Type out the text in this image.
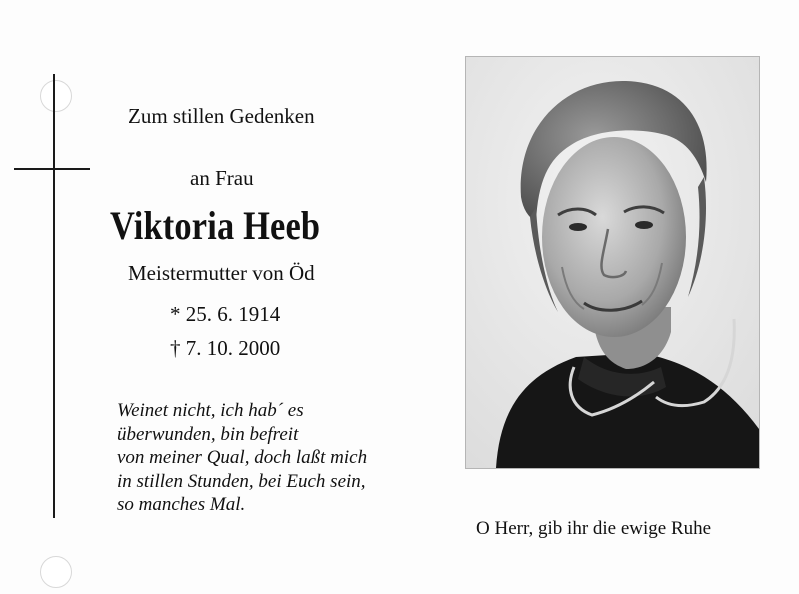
Zum stillen Gedenken
an Frau
Viktoria Heeb
Meistermutter von Öd
* 25. 6. 1914
† 7. 10. 2000
Weinet nicht, ich hab´ es
überwunden, bin befreit
von meiner Qual, doch laßt mich
in stillen Stunden, bei Euch sein,
so manches Mal.
O Herr, gib ihr die ewige Ruhe
